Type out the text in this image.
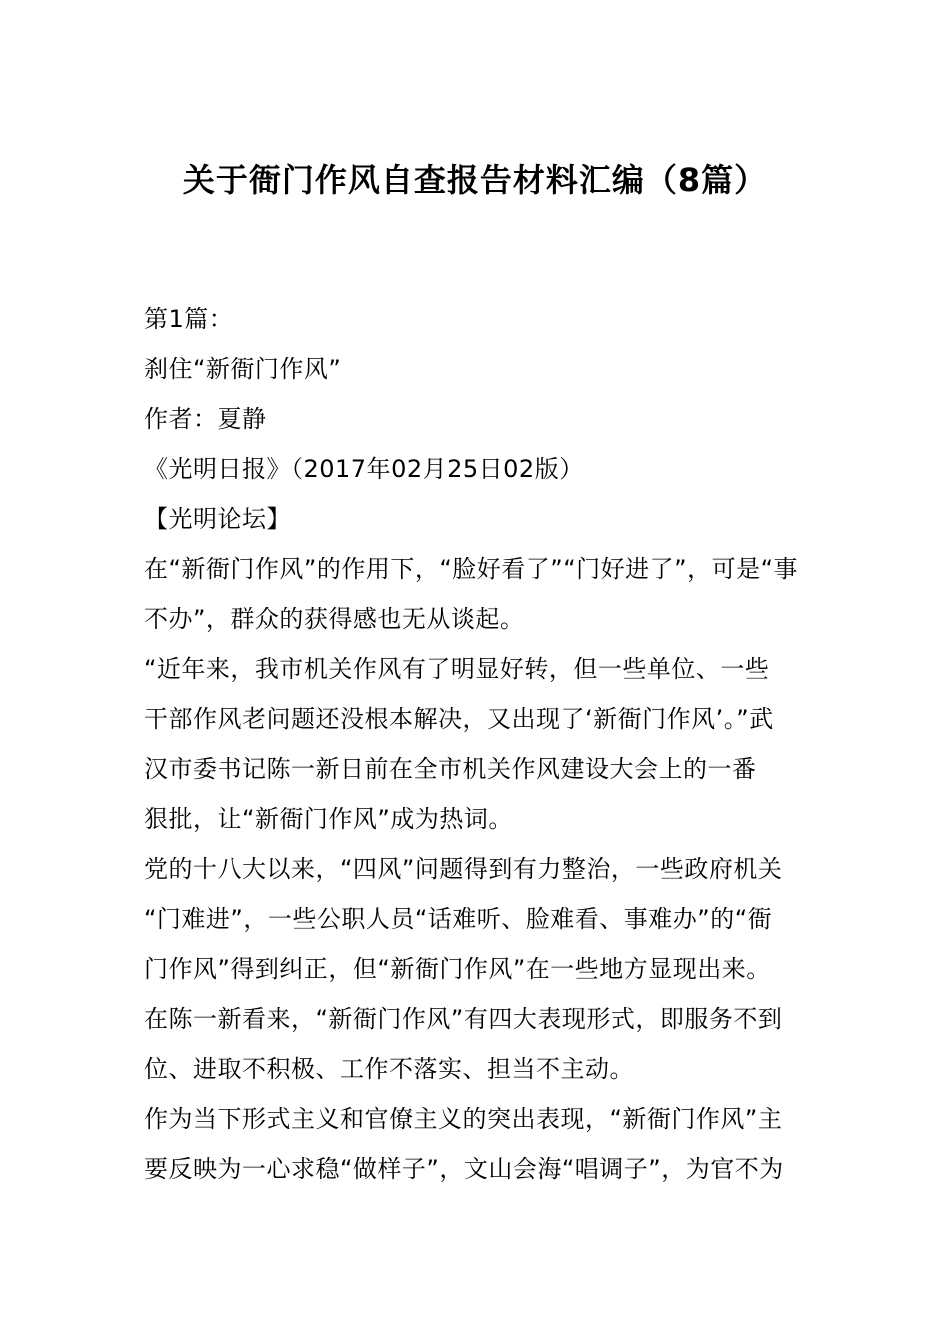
关于衙门作风自查报告材料汇编（8篇）
第1篇：
刹住“新衙门作风”
作者：夏静
《光明日报》（2017年02月25日02版）
【光明论坛】
在“新衙门作风”的作用下，“脸好看了”“门好进了”，可是“事
不办”，群众的获得感也无从谈起。
“近年来，我市机关作风有了明显好转，但一些单位、一些
干部作风老问题还没根本解决，又出现了‘新衙门作风’。”武
汉市委书记陈一新日前在全市机关作风建设大会上的一番
狠批，让“新衙门作风”成为热词。
党的十八大以来，“四风”问题得到有力整治，一些政府机关
“门难进”，一些公职人员“话难听、脸难看、事难办”的“衙
门作风”得到纠正，但“新衙门作风”在一些地方显现出来。
在陈一新看来，“新衙门作风”有四大表现形式，即服务不到
位、进取不积极、工作不落实、担当不主动。
作为当下形式主义和官僚主义的突出表现，“新衙门作风”主
要反映为一心求稳“做样子”，文山会海“唱调子”，为官不为
